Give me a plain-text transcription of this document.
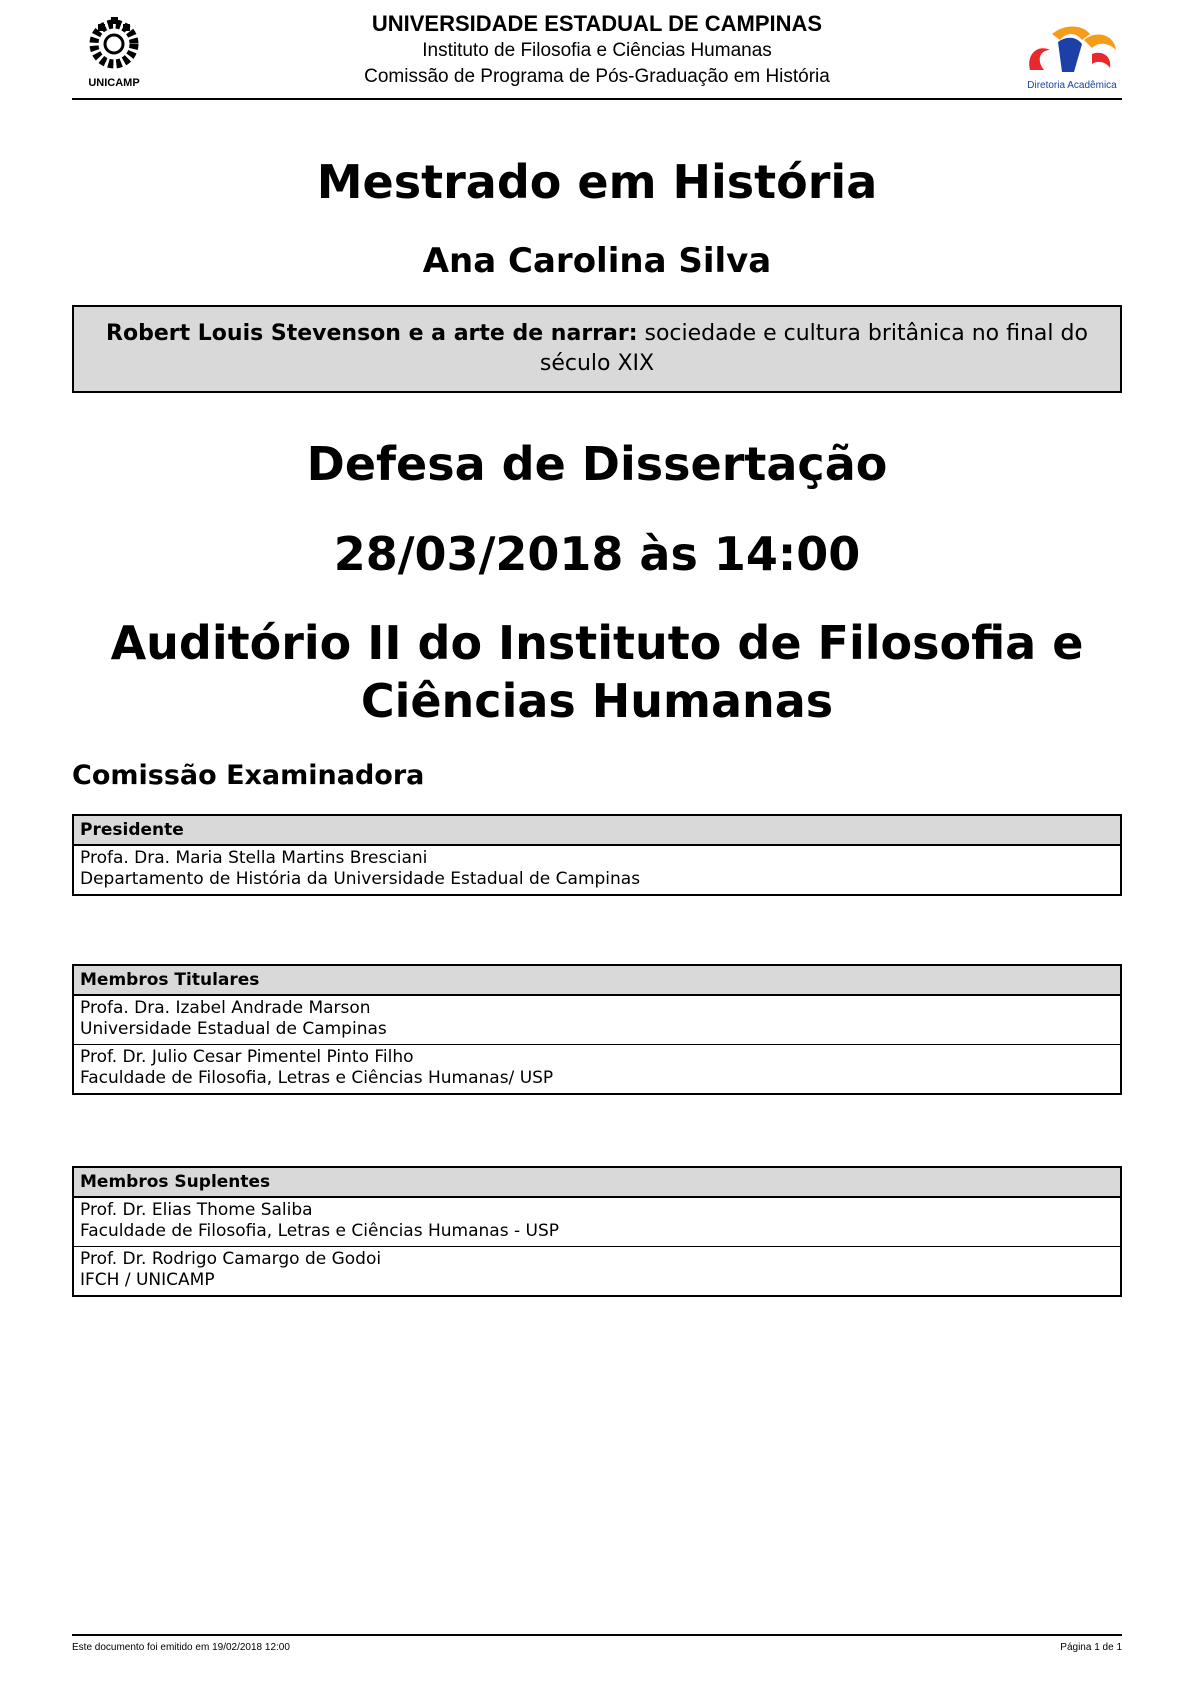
UNICAMP
UNIVERSIDADE ESTADUAL DE CAMPINAS
Instituto de Filosofia e Ciências Humanas
Comissão de Programa de Pós-Graduação em História	Diretoria Acadêmica
Mestrado em História
Ana Carolina Silva
Robert Louis Stevenson e a arte de narrar: sociedade e cultura britânica no final do século XIX
Defesa de Dissertação
28/03/2018 às 14:00
Auditório II do Instituto de Filosofia e Ciências Humanas
Comissão Examinadora
Presidente
Profa. Dra. Maria Stella Martins Bresciani
Departamento de História da Universidade Estadual de Campinas
Membros Titulares
Profa. Dra. Izabel Andrade Marson
Universidade Estadual de Campinas
Prof. Dr. Julio Cesar Pimentel Pinto Filho
Faculdade de Filosofia, Letras e Ciências Humanas/ USP
Membros Suplentes
Prof. Dr. Elias Thome Saliba
Faculdade de Filosofia, Letras e Ciências Humanas - USP
Prof. Dr. Rodrigo Camargo de Godoi
IFCH / UNICAMP
Este documento foi emitido em 19/02/2018 12:00	Página 1 de 1
